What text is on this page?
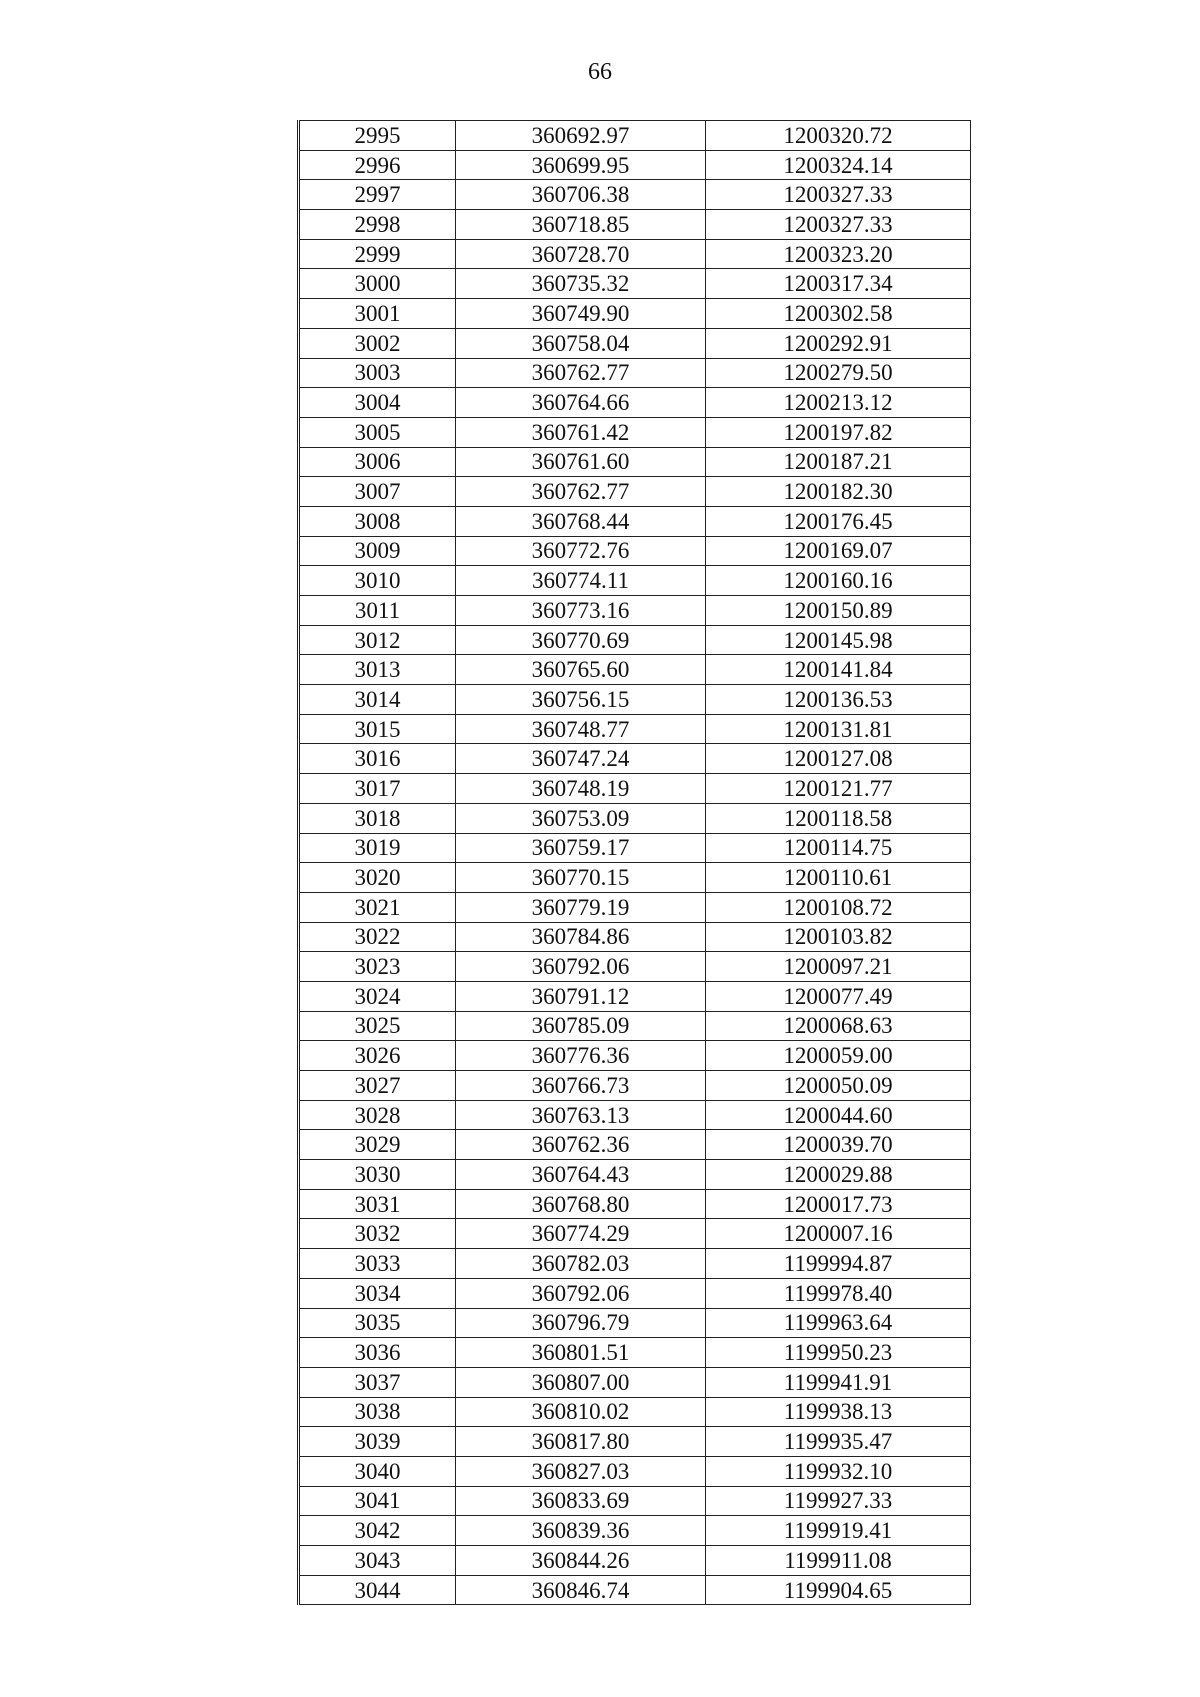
66
2995	360692.97	1200320.72
2996	360699.95	1200324.14
2997	360706.38	1200327.33
2998	360718.85	1200327.33
2999	360728.70	1200323.20
3000	360735.32	1200317.34
3001	360749.90	1200302.58
3002	360758.04	1200292.91
3003	360762.77	1200279.50
3004	360764.66	1200213.12
3005	360761.42	1200197.82
3006	360761.60	1200187.21
3007	360762.77	1200182.30
3008	360768.44	1200176.45
3009	360772.76	1200169.07
3010	360774.11	1200160.16
3011	360773.16	1200150.89
3012	360770.69	1200145.98
3013	360765.60	1200141.84
3014	360756.15	1200136.53
3015	360748.77	1200131.81
3016	360747.24	1200127.08
3017	360748.19	1200121.77
3018	360753.09	1200118.58
3019	360759.17	1200114.75
3020	360770.15	1200110.61
3021	360779.19	1200108.72
3022	360784.86	1200103.82
3023	360792.06	1200097.21
3024	360791.12	1200077.49
3025	360785.09	1200068.63
3026	360776.36	1200059.00
3027	360766.73	1200050.09
3028	360763.13	1200044.60
3029	360762.36	1200039.70
3030	360764.43	1200029.88
3031	360768.80	1200017.73
3032	360774.29	1200007.16
3033	360782.03	1199994.87
3034	360792.06	1199978.40
3035	360796.79	1199963.64
3036	360801.51	1199950.23
3037	360807.00	1199941.91
3038	360810.02	1199938.13
3039	360817.80	1199935.47
3040	360827.03	1199932.10
3041	360833.69	1199927.33
3042	360839.36	1199919.41
3043	360844.26	1199911.08
3044	360846.74	1199904.65
